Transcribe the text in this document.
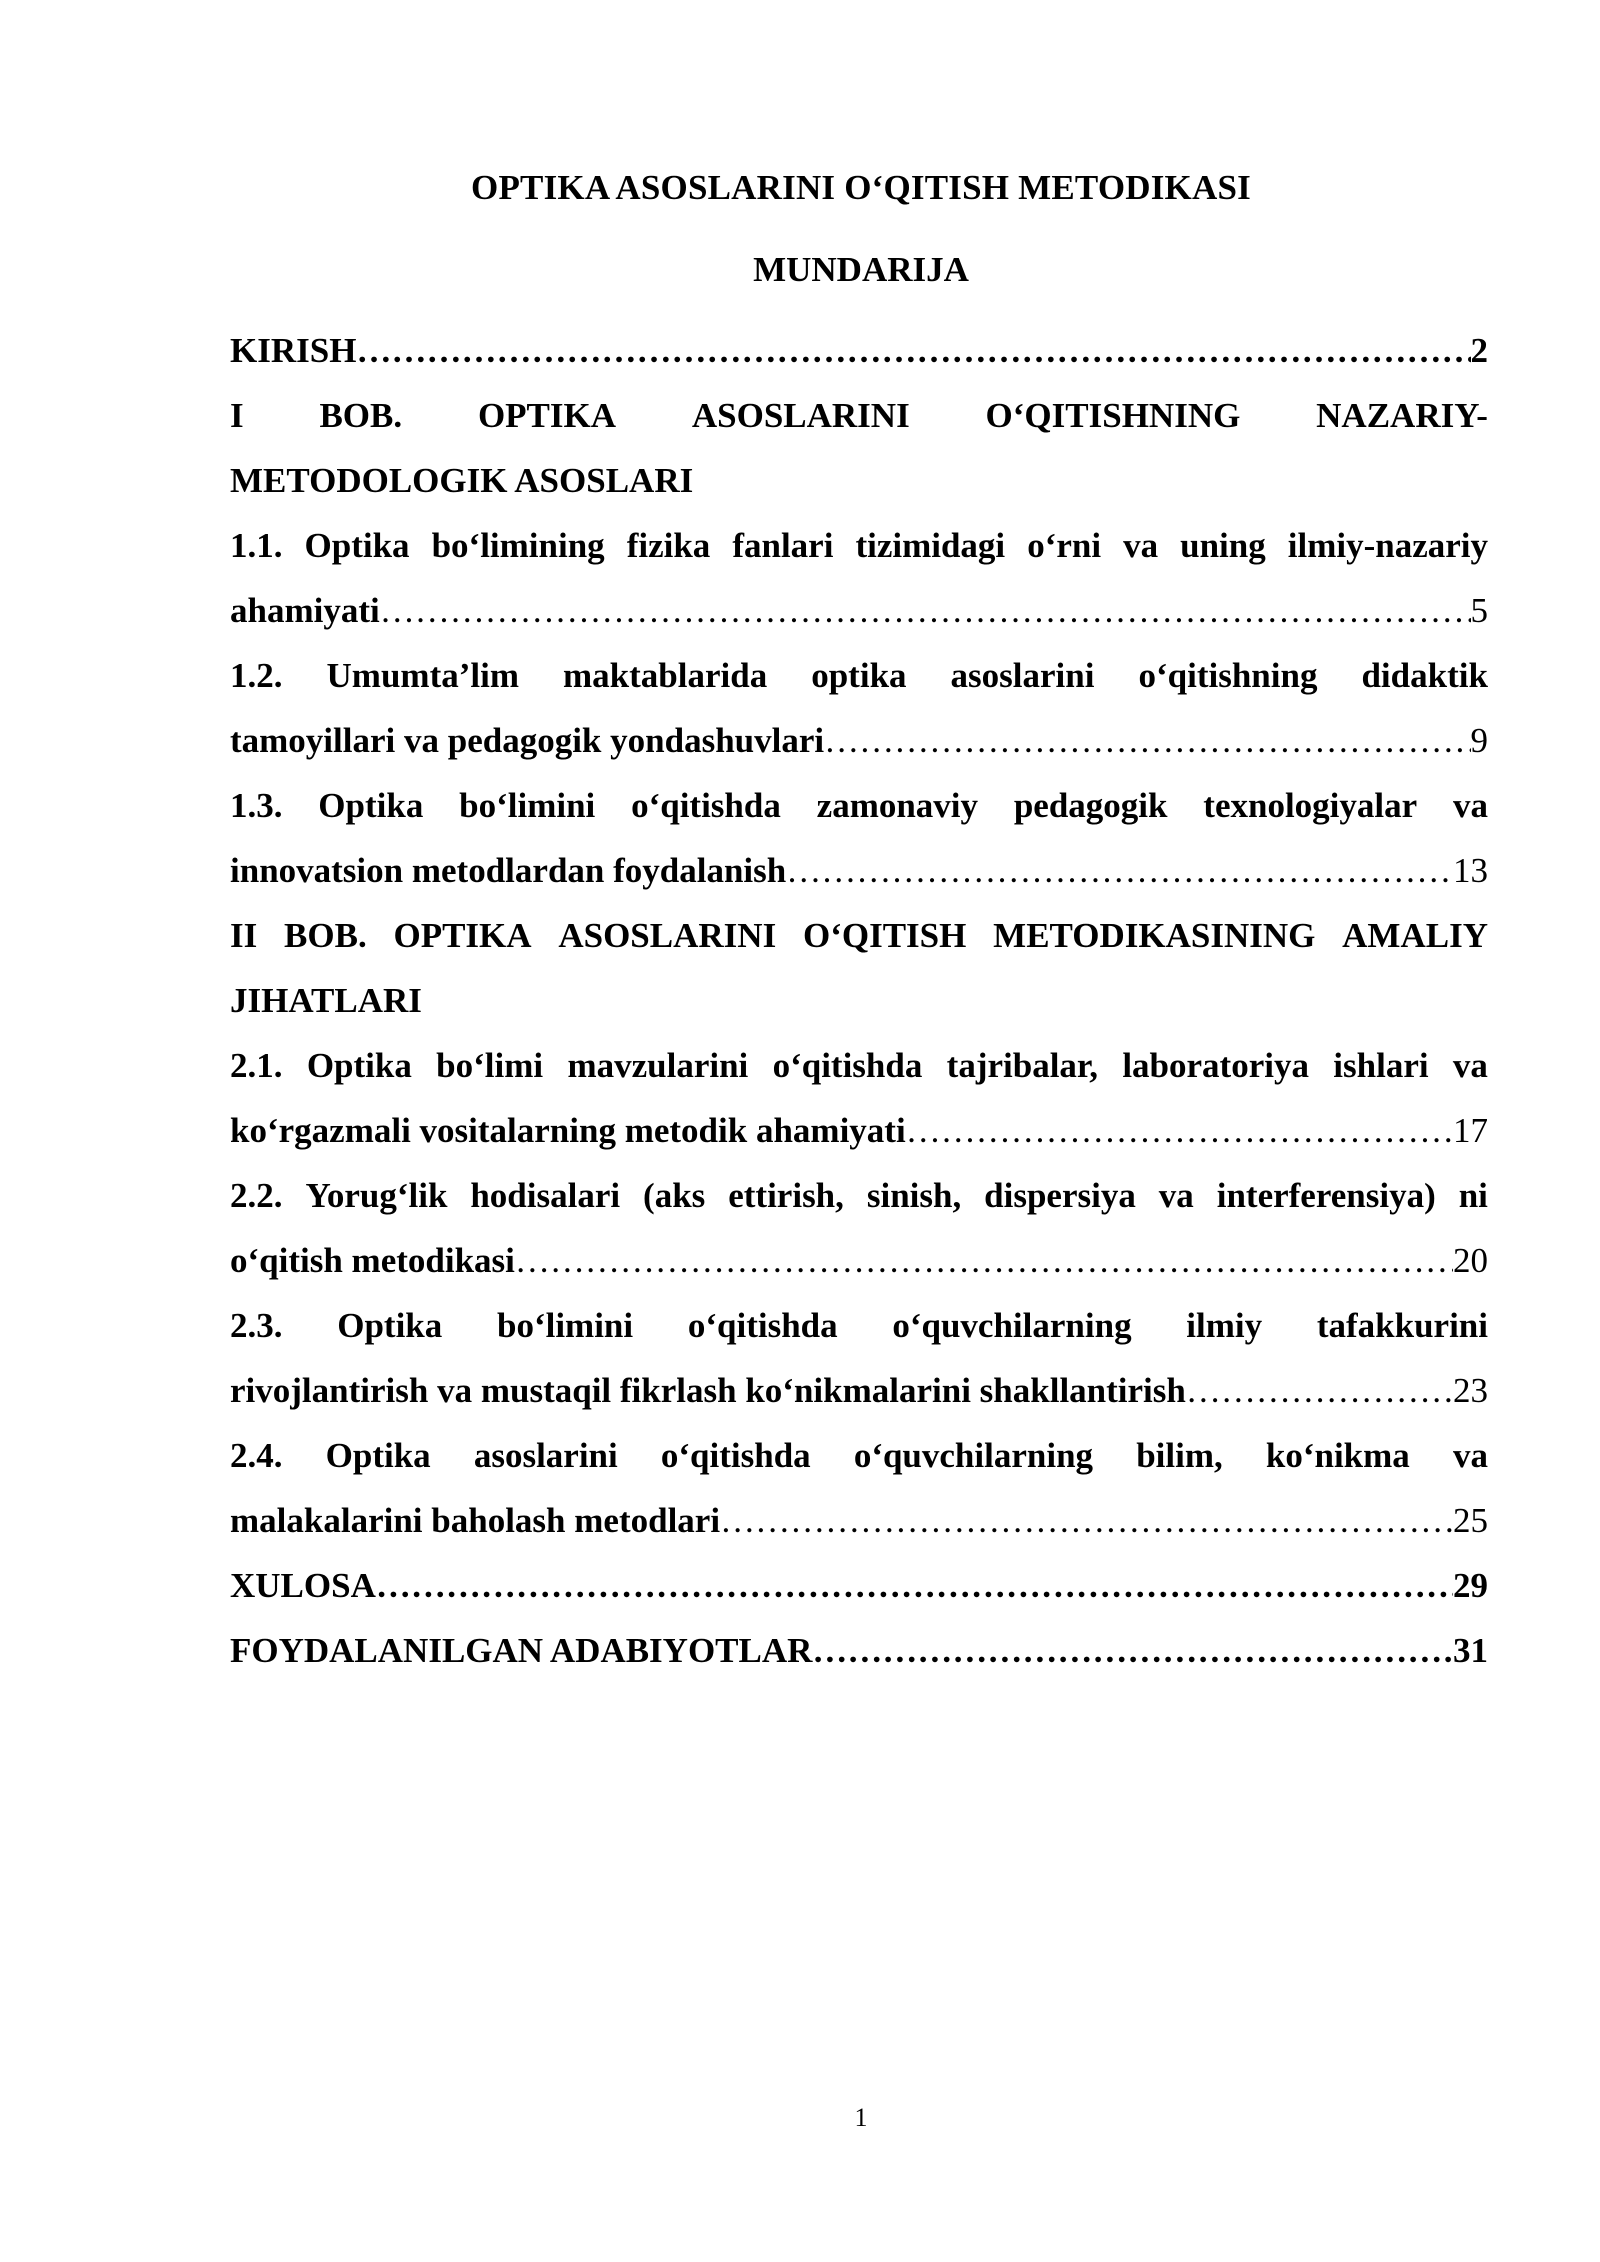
OPTIKA ASOSLARINI O‘QITISH METODIKASI
MUNDARIJA
KIRISH ………………………………………………………………………………………………………………………………………………………………………………………………	2
I BOB. OPTIKA ASOSLARINI O‘QITISHNING NAZARIY-
METODOLOGIK ASOSLARI
1.1. Optika bo‘limining fizika fanlari tizimidagi o‘rni va uning ilmiy-nazariy
ahamiyati ………………………………………………………………………………………………………………………………………………………………………………………………	5
1.2. Umumta’lim maktablarida optika asoslarini o‘qitishning didaktik
tamoyillari va pedagogik yondashuvlari ………………………………………………………………………………………………………………………………………………………………………………………………	9
1.3. Optika bo‘limini o‘qitishda zamonaviy pedagogik texnologiyalar va
innovatsion metodlardan foydalanish ………………………………………………………………………………………………………………………………………………………………………………………………	13
II BOB. OPTIKA ASOSLARINI O‘QITISH METODIKASINING AMALIY
JIHATLARI
2.1. Optika bo‘limi mavzularini o‘qitishda tajribalar, laboratoriya ishlari va
ko‘rgazmali vositalarning metodik ahamiyati ………………………………………………………………………………………………………………………………………………………………………………………………	17
2.2. Yorug‘lik hodisalari (aks ettirish, sinish, dispersiya va interferensiya) ni
o‘qitish metodikasi ………………………………………………………………………………………………………………………………………………………………………………………………	20
2.3. Optika bo‘limini o‘qitishda o‘quvchilarning ilmiy tafakkurini
rivojlantirish va mustaqil fikrlash ko‘nikmalarini shakllantirish ………………………………………………………………………………………………………………………………………………………………………………………………	23
2.4. Optika asoslarini o‘qitishda o‘quvchilarning bilim, ko‘nikma va
malakalarini baholash metodlari ………………………………………………………………………………………………………………………………………………………………………………………………	25
XULOSA ………………………………………………………………………………………………………………………………………………………………………………………………	29
FOYDALANILGAN ADABIYOTLAR ………………………………………………………………………………………………………………………………………………………………………………………………	31
1
